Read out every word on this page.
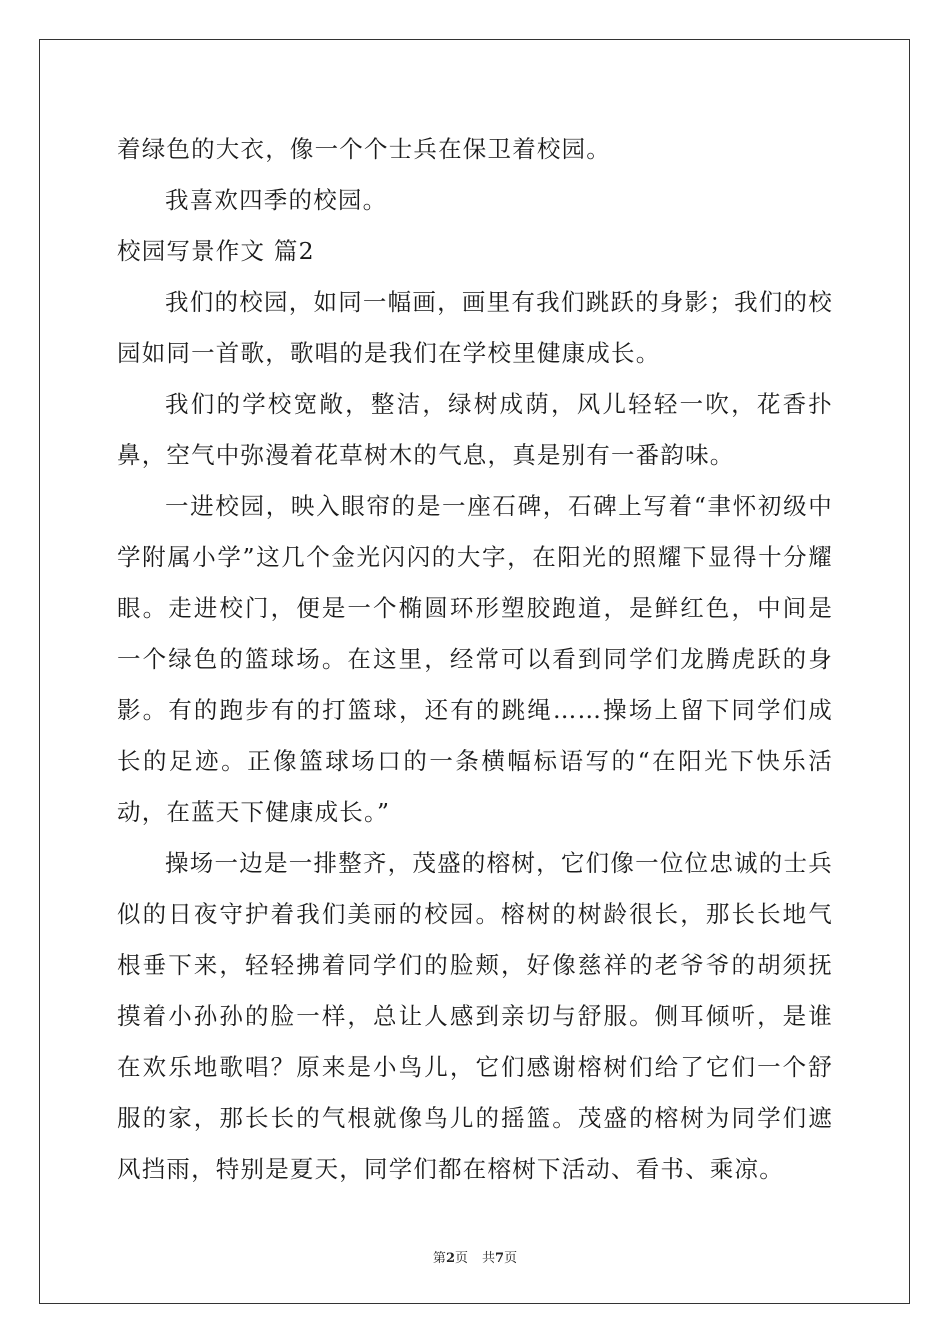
着绿色的大衣，像一个个士兵在保卫着校园。

我喜欢四季的校园。

校园写景作文 篇2

我们的校园，如同一幅画，画里有我们跳跃的身影；我们的校园如同一首歌，歌唱的是我们在学校里健康成长。

我们的学校宽敞，整洁，绿树成荫，风儿轻轻一吹，花香扑鼻，空气中弥漫着花草树木的气息，真是别有一番韵味。

一进校园，映入眼帘的是一座石碑，石碑上写着“聿怀初级中学附属小学”这几个金光闪闪的大字，在阳光的照耀下显得十分耀眼。走进校门，便是一个椭圆环形塑胶跑道，是鲜红色，中间是一个绿色的篮球场。在这里，经常可以看到同学们龙腾虎跃的身影。有的跑步有的打篮球，还有的跳绳……操场上留下同学们成长的足迹。正像篮球场口的一条横幅标语写的“在阳光下快乐活动，在蓝天下健康成长。”

操场一边是一排整齐，茂盛的榕树，它们像一位位忠诚的士兵似的日夜守护着我们美丽的校园。榕树的树龄很长，那长长地气根垂下来，轻轻拂着同学们的脸颊，好像慈祥的老爷爷的胡须抚摸着小孙孙的脸一样，总让人感到亲切与舒服。侧耳倾听，是谁在欢乐地歌唱？原来是小鸟儿，它们感谢榕树们给了它们一个舒服的家，那长长的气根就像鸟儿的摇篮。茂盛的榕树为同学们遮风挡雨，特别是夏天，同学们都在榕树下活动、看书、乘凉。

第2页 共7页
